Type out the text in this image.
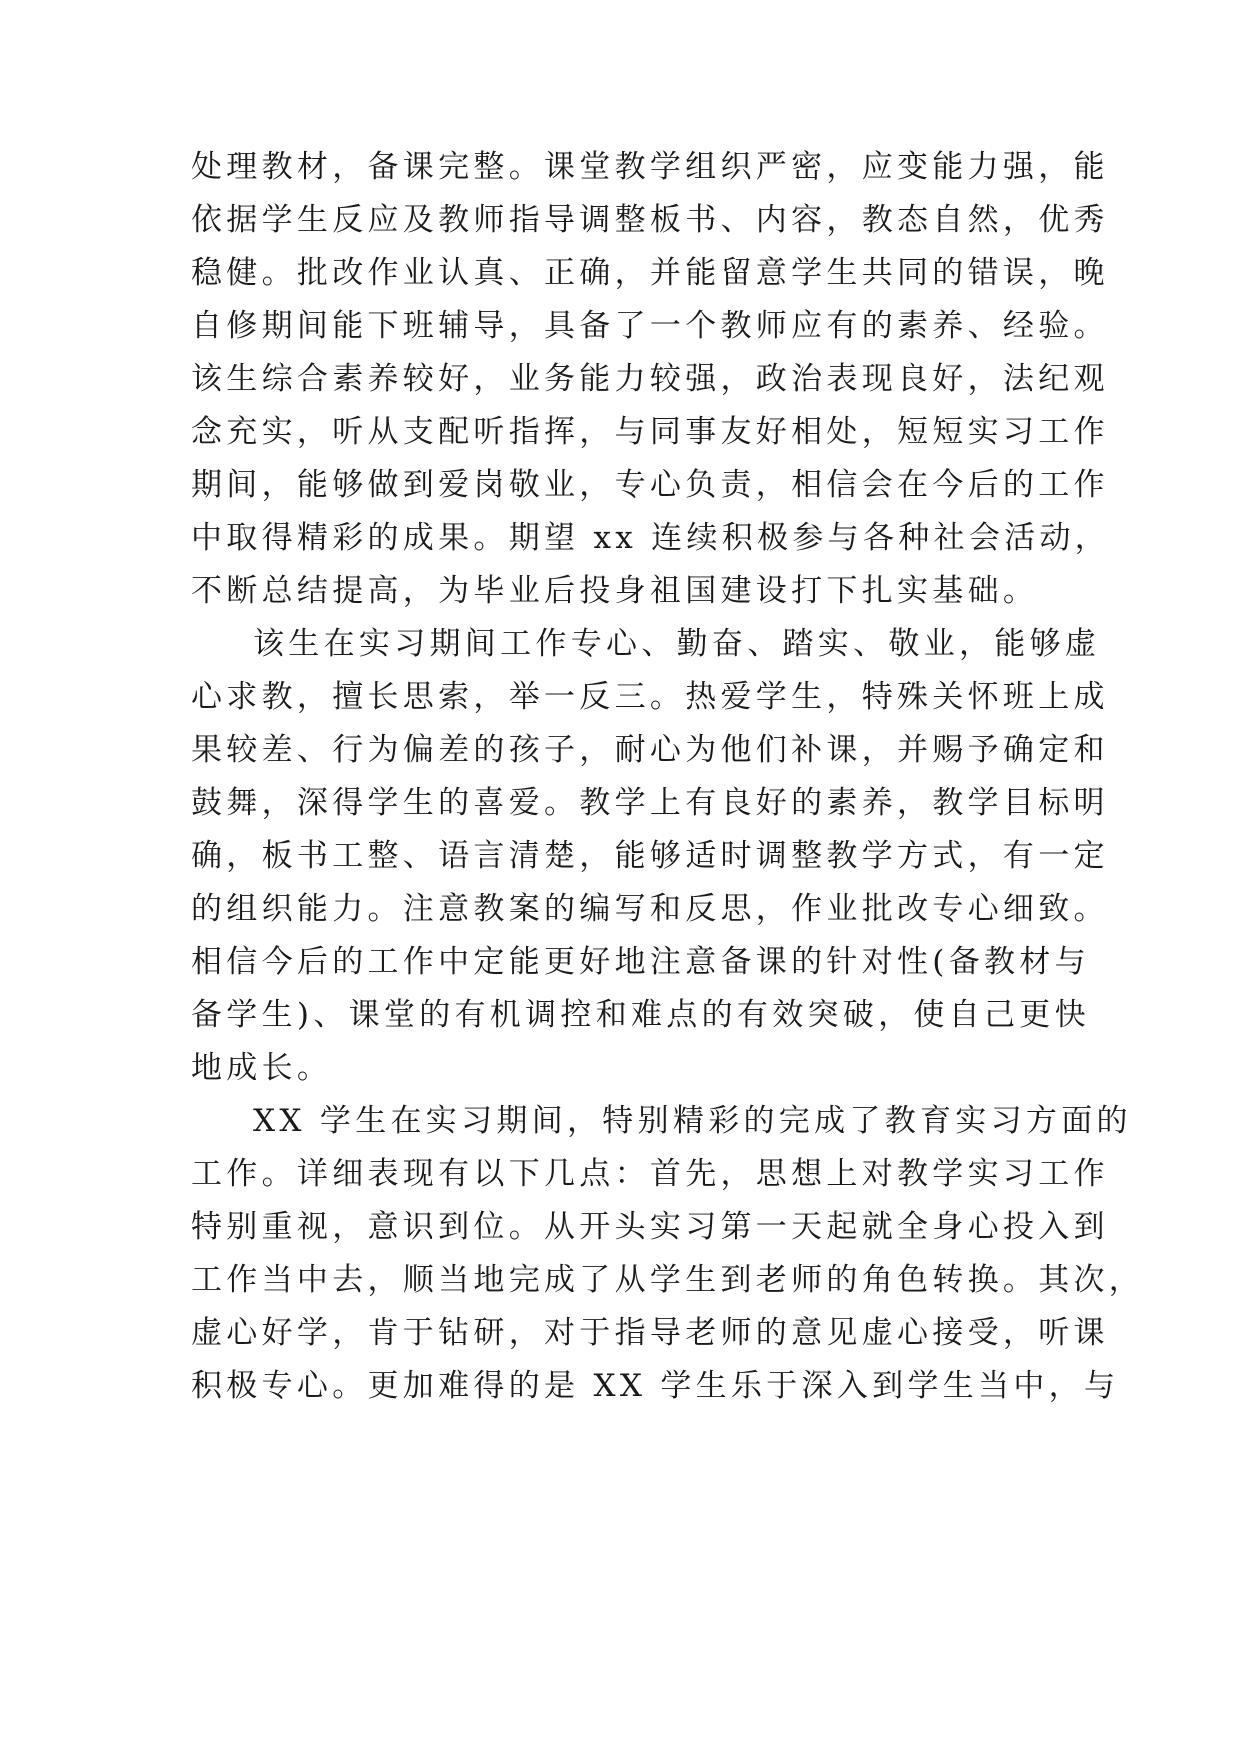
处理教材，备课完整。课堂教学组织严密，应变能力强，能
依据学生反应及教师指导调整板书、内容，教态自然，优秀
稳健。批改作业认真、正确，并能留意学生共同的错误，晚
自修期间能下班辅导，具备了一个教师应有的素养、经验。
该生综合素养较好，业务能力较强，政治表现良好，法纪观
念充实，听从支配听指挥，与同事友好相处，短短实习工作
期间，能够做到爱岗敬业，专心负责，相信会在今后的工作
中取得精彩的成果。期望 xx 连续积极参与各种社会活动，
不断总结提高，为毕业后投身祖国建设打下扎实基础。
该生在实习期间工作专心、勤奋、踏实、敬业，能够虚
心求教，擅长思索，举一反三。热爱学生，特殊关怀班上成
果较差、行为偏差的孩子，耐心为他们补课，并赐予确定和
鼓舞，深得学生的喜爱。教学上有良好的素养，教学目标明
确，板书工整、语言清楚，能够适时调整教学方式，有一定
的组织能力。注意教案的编写和反思，作业批改专心细致。
相信今后的工作中定能更好地注意备课的针对性(备教材与
备学生)、课堂的有机调控和难点的有效突破，使自己更快
地成长。
XX 学生在实习期间，特别精彩的完成了教育实习方面的
工作。详细表现有以下几点：首先，思想上对教学实习工作
特别重视，意识到位。从开头实习第一天起就全身心投入到
工作当中去，顺当地完成了从学生到老师的角色转换。其次，
虚心好学，肯于钻研，对于指导老师的意见虚心接受，听课
积极专心。更加难得的是 XX 学生乐于深入到学生当中，与
